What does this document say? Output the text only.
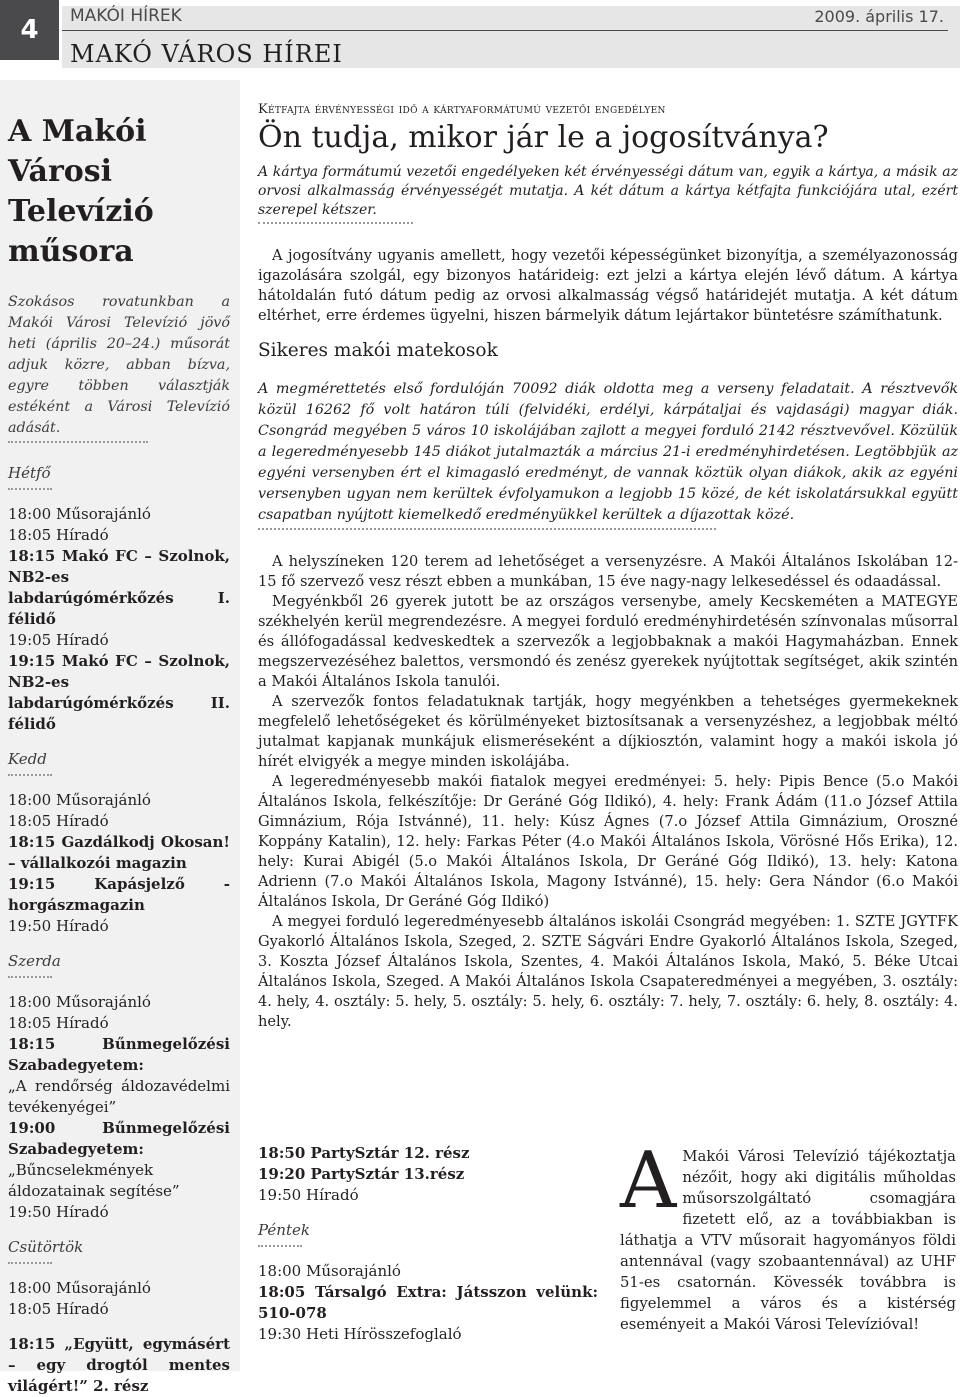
4	MAKÓI HÍREK	2009. április 17.
MAKÓ VÁROS HÍREI
A Makói Városi Televízió műsora

Szokásos rovatunkban a Makói Városi Televízió jövő heti (április 20–24.) műsorát adjuk közre, abban bízva, egyre többen választják estéként a Városi Televízió adását.

Hétfő

18:00 Műsorajánló

18:05 Híradó

18:15 Makó FC – Szolnok, NB2-es labdarúgómérkőzés I. félidő

19:05 Híradó

19:15 Makó FC – Szolnok, NB2-es labdarúgómérkőzés II. félidő

Kedd

18:00 Műsorajánló

18:05 Híradó

18:15 Gazdálkodj Okosan! – vállalkozói magazin

19:15 Kapásjelző - horgászmagazin

19:50 Híradó

Szerda

18:00 Műsorajánló

18:05 Híradó

18:15 Bűnmegelőzési Szabadegyetem:

„A rendőrség áldozavédelmi tevékenyégei”

19:00 Bűnmegelőzési Szabadegyetem:

„Bűncselekmények áldozatainak segítése”

19:50 Híradó

Csütörtök

18:00 Műsorajánló

18:05 Híradó

18:15 „Együtt, egymásért – egy drogtól mentes világért!” 2. rész

Kétfajta érvényességi idő a kártyaformátumú vezetői engedélyen
Ön tudja, mikor jár le a jogosítványa?

A kártya formátumú vezetői engedélyeken két érvényességi dátum van, egyik a kártya, a másik az orvosi alkalmasság érvényességét mutatja. A két dátum a kártya kétfajta funkciójára utal, ezért szerepel kétszer.

A jogosítvány ugyanis amellett, hogy vezetői képességünket bizonyítja, a személyazonosság igazolására szolgál, egy bizonyos határideig: ezt jelzi a kártya elején lévő dátum. A kártya hátoldalán futó dátum pedig az orvosi alkalmasság végső határidejét mutatja. A két dátum eltérhet, erre érdemes ügyelni, hiszen bármelyik dátum lejártakor büntetésre számíthatunk.

Sikeres makói matekosok

A megmérettetés első fordulóján 70092 diák oldotta meg a verseny feladatait. A résztvevők közül 16262 fő volt határon túli (felvidéki, erdélyi, kárpátaljai és vajdasági) magyar diák. Csongrád megyében 5 város 10 iskolájában zajlott a megyei forduló 2142 résztvevővel. Közülük a legeredményesebb 145 diákot jutalmazták a március 21-i eredményhirdetésen. Legtöbbjük az egyéni versenyben ért el kimagasló eredményt, de vannak köztük olyan diákok, akik az egyéni versenyben ugyan nem kerültek évfolyamukon a legjobb 15 közé, de két iskolatársukkal együtt csapatban nyújtott kiemelkedő eredményükkel kerültek a díjazottak közé.

A helyszíneken 120 terem ad lehetőséget a versenyzésre. A Makói Általános Iskolában 12-15 fő szervező vesz részt ebben a munkában, 15 éve nagy-nagy lelkesedéssel és odaadással.

Megyénkből 26 gyerek jutott be az országos versenybe, amely Kecskeméten a MATEGYE székhelyén kerül megrendezésre. A megyei forduló eredményhirdetésén színvonalas műsorral és állófogadással kedveskedtek a szervezők a legjobbaknak a makói Hagymaházban. Ennek megszervezéséhez balettos, versmondó és zenész gyerekek nyújtottak segítséget, akik szintén a Makói Általános Iskola tanulói.

A szervezők fontos feladatuknak tartják, hogy megyénkben a tehetséges gyermekeknek megfelelő lehetőségeket és körülményeket biztosítsanak a versenyzéshez, a legjobbak méltó jutalmat kapjanak munkájuk elismeréseként a díjkiosztón, valamint hogy a makói iskola jó hírét elvigyék a megye minden iskolájába.

A legeredményesebb makói fiatalok megyei eredményei: 5. hely: Pipis Bence (5.o Makói Általános Iskola, felkészítője: Dr Geráné Góg Ildikó), 4. hely: Frank Ádám (11.o József Attila Gimnázium, Rója Istvánné), 11. hely: Kúsz Ágnes (7.o József Attila Gimnázium, Oroszné Koppány Katalin), 12. hely: Farkas Péter (4.o Makói Általános Iskola, Vörösné Hős Erika), 12. hely: Kurai Abigél (5.o Makói Általános Iskola, Dr Geráné Góg Ildikó), 13. hely: Katona Adrienn (7.o Makói Általános Iskola, Magony Istvánné), 15. hely: Gera Nándor (6.o Makói Általános Iskola, Dr Geráné Góg Ildikó)

A megyei forduló legeredményesebb általános iskolái Csongrád megyében: 1. SZTE JGYTFK Gyakorló Általános Iskola, Szeged, 2. SZTE Ságvári Endre Gyakorló Általános Iskola, Szeged, 3. Koszta József Általános Iskola, Szentes, 4. Makói Általános Iskola, Makó, 5. Béke Utcai Általános Iskola, Szeged. A Makói Általános Iskola Csapateredményei a megyében, 3. osztály: 4. hely, 4. osztály: 5. hely, 5. osztály: 5. hely, 6. osztály: 7. hely, 7. osztály: 6. hely, 8. osztály: 4. hely.

18:50 PartySztár 12. rész

19:20 PartySztár 13.rész

19:50 Híradó

Péntek

18:00 Műsorajánló

18:05 Társalgó Extra: Játsszon velünk: 510-078

19:30 Heti Hírösszefoglaló

A Makói Városi Televízió tájékoztatja nézőit, hogy aki digitális műholdas műsorszolgáltató csomagjára fizetett elő, az a továbbiakban is láthatja a VTV műsorait hagyományos földi antennával (vagy szobaantennával) az UHF 51-es csatornán. Kövessék továbbra is figyelemmel a város és a kistérség eseményeit a Makói Városi Televízióval!
